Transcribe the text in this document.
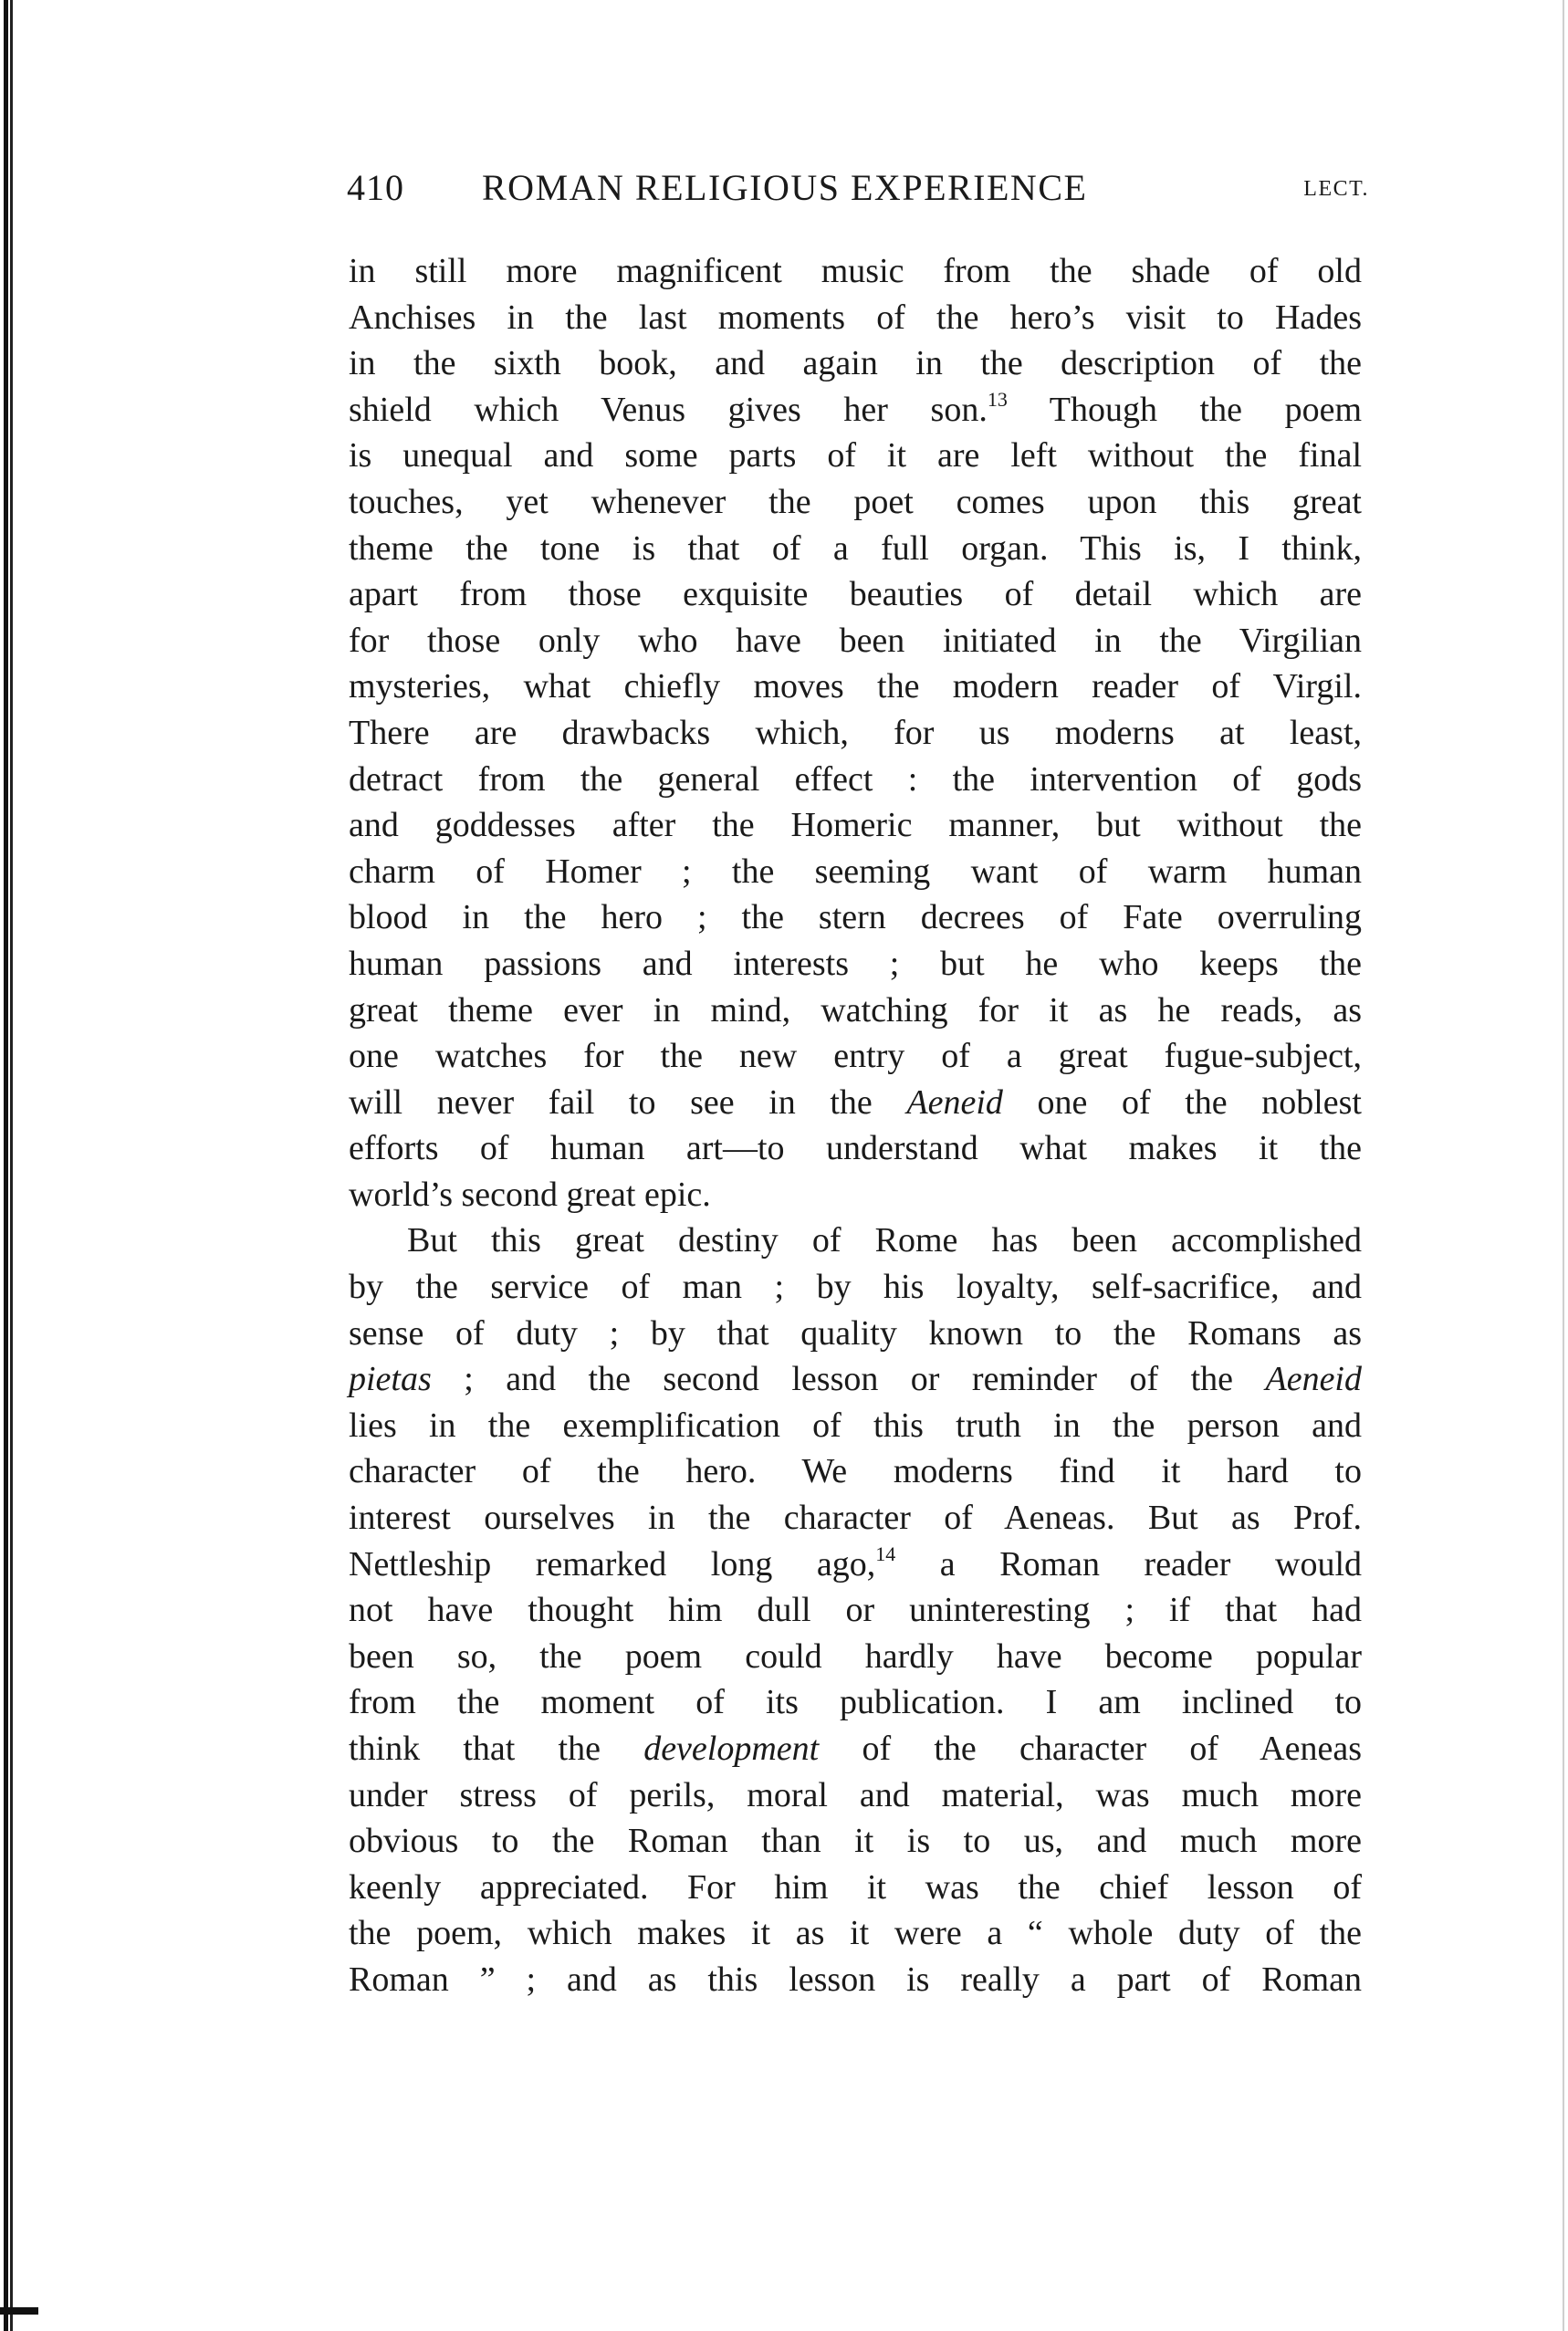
410 ROMAN RELIGIOUS EXPERIENCE	LECT.
in still more magnificent music from the shade of old
Anchises in the last moments of the hero’s visit to Hades
in the sixth book, and again in the description of the
shield which Venus gives her son.$^{13}$ Though the poem
is unequal and some parts of it are left without the final
touches, yet whenever the poet comes upon this great
theme the tone is that of a full organ. This is, I think,
apart from those exquisite beauties of detail which are
for those only who have been initiated in the Virgilian
mysteries, what chiefly moves the modern reader of Virgil.
There are drawbacks which, for us moderns at least,
detract from the general effect : the intervention of gods
and goddesses after the Homeric manner, but without the
charm of Homer ; the seeming want of warm human
blood in the hero ; the stern decrees of Fate overruling
human passions and interests ; but he who keeps the
great theme ever in mind, watching for it as he reads, as
one watches for the new entry of a great fugue-subject,
will never fail to see in the Aeneid one of the noblest
efforts of human art—to understand what makes it the
world’s second great epic.
But this great destiny of Rome has been accomplished
by the service of man ; by his loyalty, self-sacrifice, and
sense of duty ; by that quality known to the Romans as
pietas ; and the second lesson or reminder of the Aeneid
lies in the exemplification of this truth in the person and
character of the hero. We moderns find it hard to
interest ourselves in the character of Aeneas. But as Prof.
Nettleship remarked long ago,$^{14}$ a Roman reader would
not have thought him dull or uninteresting ; if that had
been so, the poem could hardly have become popular
from the moment of its publication. I am inclined to
think that the development of the character of Aeneas
under stress of perils, moral and material, was much more
obvious to the Roman than it is to us, and much more
keenly appreciated. For him it was the chief lesson of
the poem, which makes it as it were a “ whole duty of the
Roman ” ; and as this lesson is really a part of Roman
